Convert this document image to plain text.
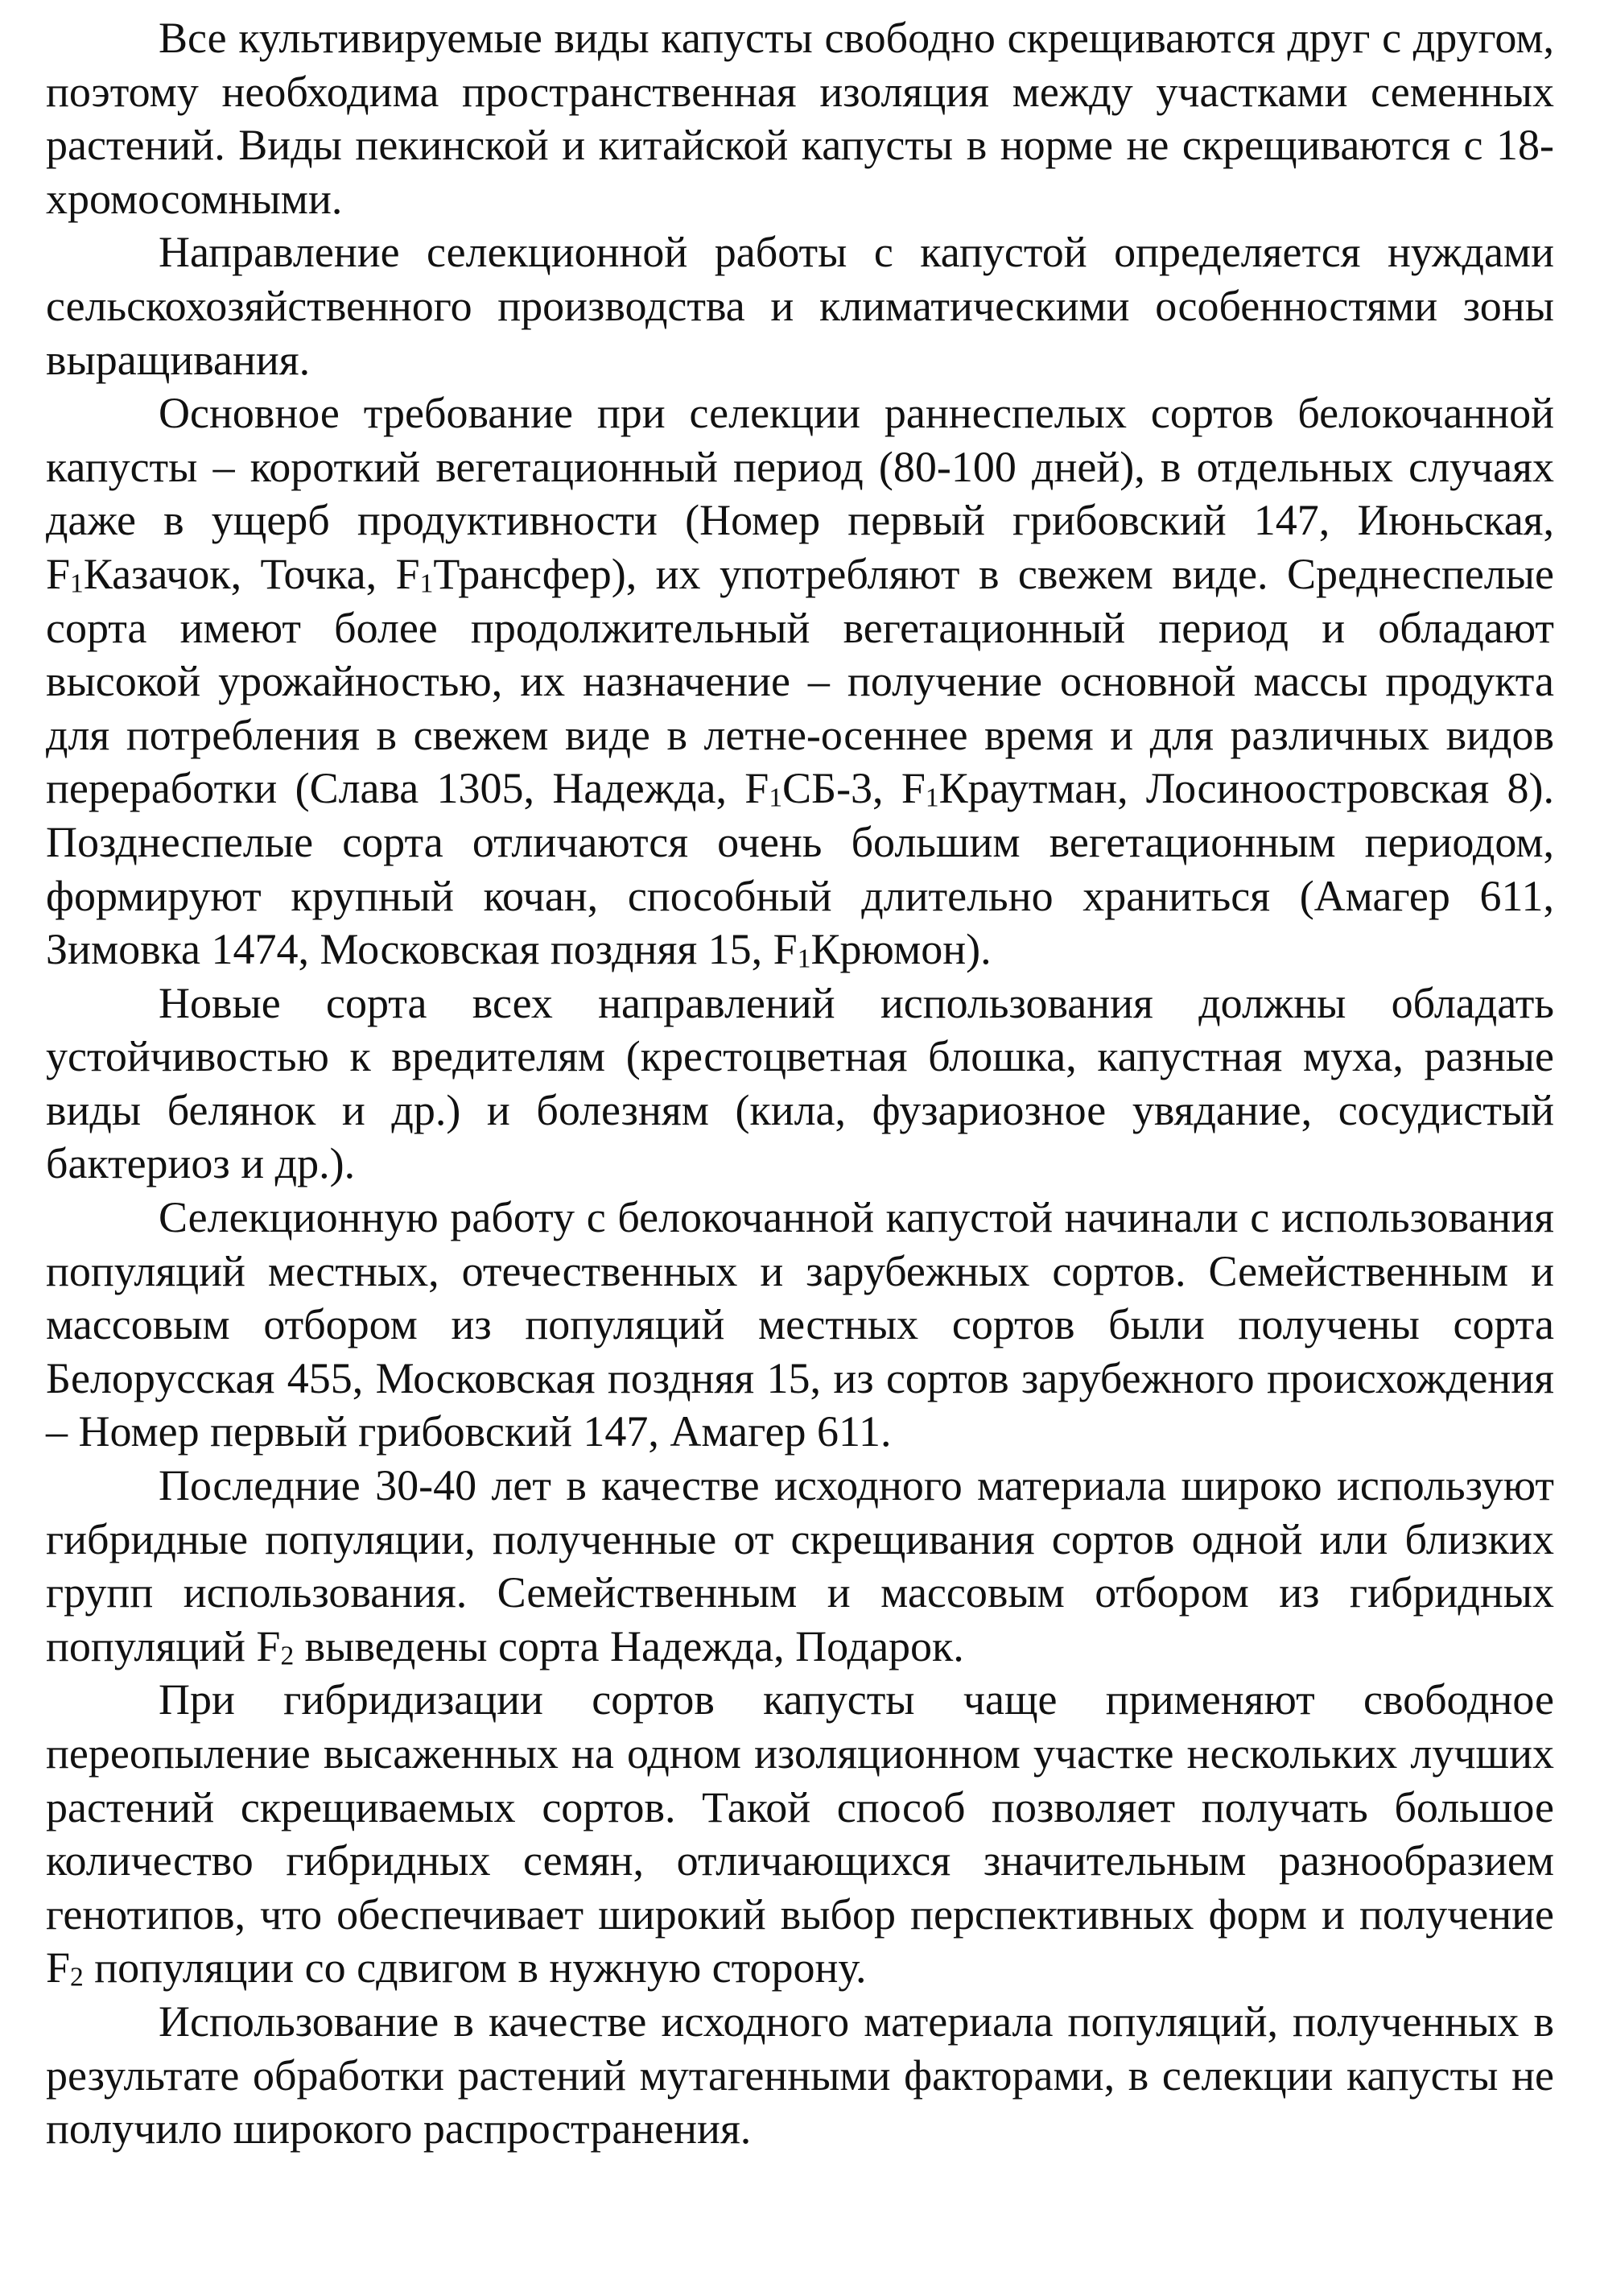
Все культивируемые виды капусты свободно скрещиваются друг с другом, поэтому необходима пространственная изоляция между участками семенных растений. Виды пекинской и китайской капусты в норме не скрещиваются с 18-хромосомными.

Направление селекционной работы с капустой определяется нуждами сельскохозяйственного производства и климатическими особенностями зоны выращивания.

Основное требование при селекции раннеспелых сортов белокочанной капусты – короткий вегетационный период (80-100 дней), в отдельных случаях даже в ущерб продуктивности (Номер первый грибовский 147, Июньская, F1Казачок, Точка, F1Трансфер), их употребляют в свежем виде. Среднеспелые сорта имеют более продолжительный вегетационный период и обладают высокой урожайностью, их назначение – получение основной массы продукта для потребления в свежем виде в летне-осеннее время и для различных видов переработки (Слава 1305, Надежда, F1СБ-3, F1Краутман, Лосиноостровская 8). Позднеспелые сорта отличаются очень большим вегетационным периодом, формируют крупный кочан, способный длительно храниться (Амагер 611, Зимовка 1474, Московская поздняя 15, F1Крюмон).

Новые сорта всех направлений использования должны обладать устойчивостью к вредителям (крестоцветная блошка, капустная муха, разные виды белянок и др.) и болезням (кила, фузариозное увядание, сосудистый бактериоз и др.).

Селекционную работу с белокочанной капустой начинали с использования популяций местных, отечественных и зарубежных сортов. Семейственным и массовым отбором из популяций местных сортов были получены сорта Белорусская 455, Московская поздняя 15, из сортов зарубежного происхождения – Номер первый грибовский 147, Амагер 611.

Последние 30-40 лет в качестве исходного материала широко используют гибридные популяции, полученные от скрещивания сортов одной или близких групп использования. Семейственным и массовым отбором из гибридных популяций F2 выведены сорта Надежда, Подарок.

При гибридизации сортов капусты чаще применяют свободное переопыление высаженных на одном изоляционном участке нескольких лучших растений скрещиваемых сортов. Такой способ позволяет получать большое количество гибридных семян, отличающихся значительным разнообразием генотипов, что обеспечивает широкий выбор перспективных форм и получение F2 популяции со сдвигом в нужную сторону.

Использование в качестве исходного материала популяций, полученных в результате обработки растений мутагенными факторами, в селекции капусты не получило широкого распространения.
